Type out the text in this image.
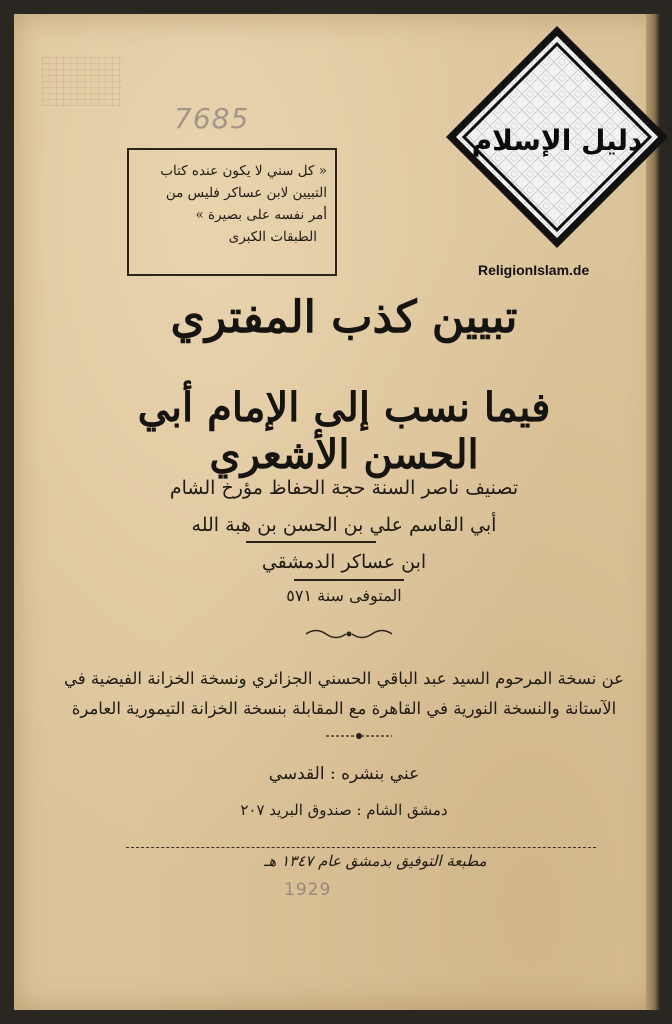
7685
« كل سني لا يكون عنده كتاب
التبيين لابن عساكر فليس من
أمر نفسه على بصيرة »
الطبقات الكبرى
تبيين كذب المفتري
فيما نسب إلى الإمام أبي الحسن الأشعري
تصنيف ناصر السنة حجة الحفاظ مؤرخ الشام
أبي القاسم علي بن الحسن بن هبة الله
ابن عساكر الدمشقي
المتوفى سنة ٥٧١
عن نسخة المرحوم السيد عبد الباقي الحسني الجزائري ونسخة الخزانة الفيضية في
الآستانة والنسخة النورية في القاهرة مع المقابلة بنسخة الخزانة التيمورية العامرة
عني بنشره : القدسي
دمشق الشام : صندوق البريد ٢٠٧
مطبعة التوفيق بدمشق عام ١٣٤٧ هـ
1929
دليل الإسلام
ReligionIslam.de
